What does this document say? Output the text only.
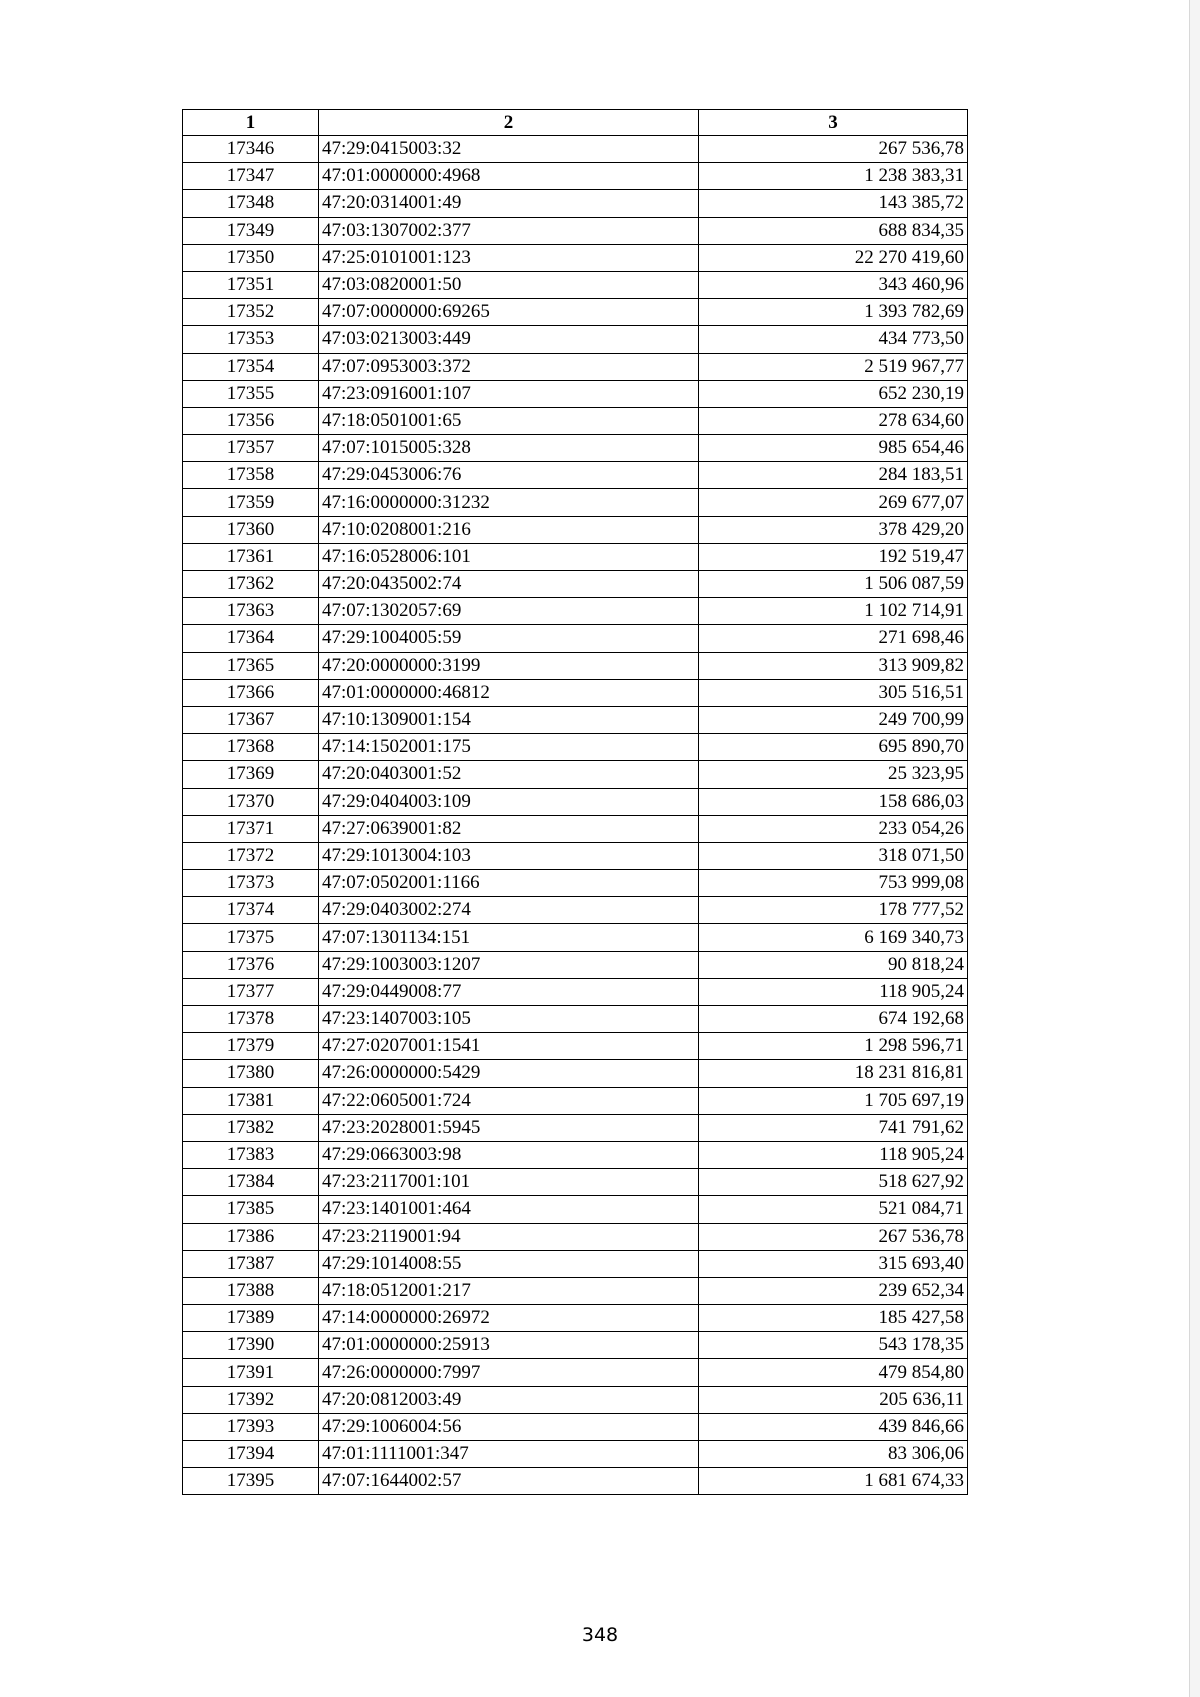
1	2	3
17346	47:29:0415003:32	267 536,78
17347	47:01:0000000:4968	1 238 383,31
17348	47:20:0314001:49	143 385,72
17349	47:03:1307002:377	688 834,35
17350	47:25:0101001:123	22 270 419,60
17351	47:03:0820001:50	343 460,96
17352	47:07:0000000:69265	1 393 782,69
17353	47:03:0213003:449	434 773,50
17354	47:07:0953003:372	2 519 967,77
17355	47:23:0916001:107	652 230,19
17356	47:18:0501001:65	278 634,60
17357	47:07:1015005:328	985 654,46
17358	47:29:0453006:76	284 183,51
17359	47:16:0000000:31232	269 677,07
17360	47:10:0208001:216	378 429,20
17361	47:16:0528006:101	192 519,47
17362	47:20:0435002:74	1 506 087,59
17363	47:07:1302057:69	1 102 714,91
17364	47:29:1004005:59	271 698,46
17365	47:20:0000000:3199	313 909,82
17366	47:01:0000000:46812	305 516,51
17367	47:10:1309001:154	249 700,99
17368	47:14:1502001:175	695 890,70
17369	47:20:0403001:52	25 323,95
17370	47:29:0404003:109	158 686,03
17371	47:27:0639001:82	233 054,26
17372	47:29:1013004:103	318 071,50
17373	47:07:0502001:1166	753 999,08
17374	47:29:0403002:274	178 777,52
17375	47:07:1301134:151	6 169 340,73
17376	47:29:1003003:1207	90 818,24
17377	47:29:0449008:77	118 905,24
17378	47:23:1407003:105	674 192,68
17379	47:27:0207001:1541	1 298 596,71
17380	47:26:0000000:5429	18 231 816,81
17381	47:22:0605001:724	1 705 697,19
17382	47:23:2028001:5945	741 791,62
17383	47:29:0663003:98	118 905,24
17384	47:23:2117001:101	518 627,92
17385	47:23:1401001:464	521 084,71
17386	47:23:2119001:94	267 536,78
17387	47:29:1014008:55	315 693,40
17388	47:18:0512001:217	239 652,34
17389	47:14:0000000:26972	185 427,58
17390	47:01:0000000:25913	543 178,35
17391	47:26:0000000:7997	479 854,80
17392	47:20:0812003:49	205 636,11
17393	47:29:1006004:56	439 846,66
17394	47:01:1111001:347	83 306,06
17395	47:07:1644002:57	1 681 674,33
348
